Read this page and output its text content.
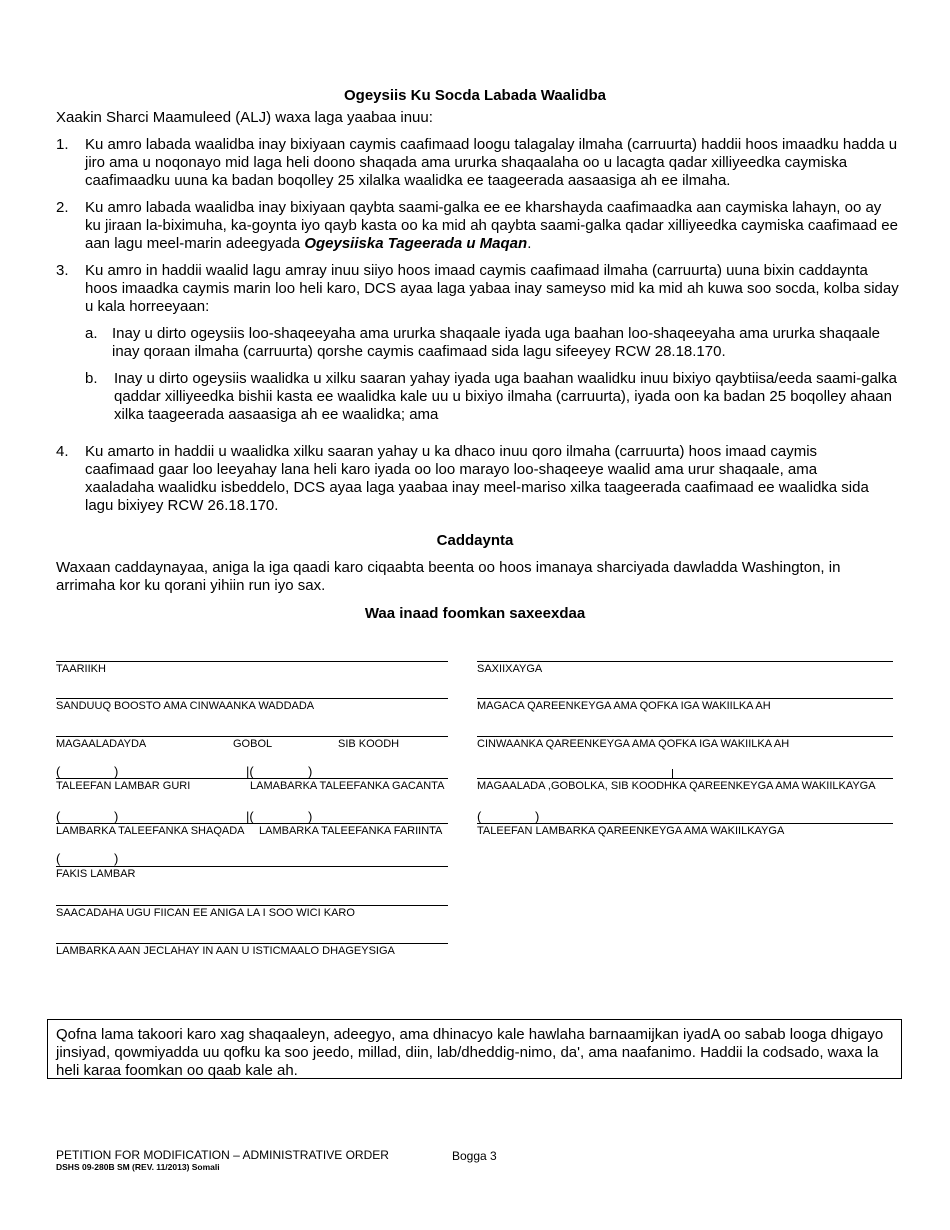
Ogeysiis Ku Socda Labada Waalidba
Xaakin Sharci Maamuleed (ALJ) waxa laga yaabaa inuu:
1. Ku amro labada waalidba inay bixiyaan caymis caafimaad loogu talagalay ilmaha (carruurta) haddii hoos imaadku hadda u jiro ama u noqonayo mid laga heli doono shaqada ama ururka shaqaalaha oo u lacagta qadar xilliyeedka caymiska caafimaadku uuna ka badan boqolley 25 xilalka waalidka ee taageerada aasaasiga ah ee ilmaha.
2. Ku amro labada waalidba inay bixiyaan qaybta saami-galka ee ee kharshayda caafimaadka aan caymiska lahayn, oo ay ku jiraan la-biximuha, ka-goynta iyo qayb kasta oo ka mid ah qaybta saami-galka qadar xilliyeedka caymiska caafimaad ee aan lagu meel-marin adeegyada Ogeysiiska Tageerada u Maqan.
3. Ku amro in haddii waalid lagu amray inuu siiyo hoos imaad caymis caafimaad ilmaha (carruurta) uuna bixin caddaynta hoos imaadka caymis marin loo heli karo, DCS ayaa laga yabaa inay sameyso mid ka mid ah kuwa soo socda, kolba siday u kala horreeyaan:
a. Inay u dirto ogeysiis loo-shaqeeyaha ama ururka shaqaale iyada uga baahan loo-shaqeeyaha ama ururka shaqaale inay qoraan ilmaha (carruurta) qorshe caymis caafimaad sida lagu sifeeyey RCW 28.18.170.
b. Inay u dirto ogeysiis waalidka u xilku saaran yahay iyada uga baahan waalidku inuu bixiyo qaybtiisa/eeda saami-galka qaddar xilliyeedka bishii kasta ee waalidka kale uu u bixiyo ilmaha (carruurta), iyada oon ka badan 25 boqolley ahaan xilka taageerada aasaasiga ah ee waalidka; ama
4. Ku amarto in haddii u waalidka xilku saaran yahay u ka dhaco inuu qoro ilmaha (carruurta) hoos imaad caymis caafimaad gaar loo leeyahay lana heli karo iyada oo loo marayo loo-shaqeeye waalid ama urur shaqaale, ama xaaladaha waalidku isbeddelo, DCS ayaa laga yaabaa inay meel-mariso xilka taageerada caafimaad ee waalidka sida lagu bixiyey RCW 26.18.170.
Caddaynta
Waxaan caddaynayaa, aniga la iga qaadi karo ciqaabta beenta oo hoos imanaya sharciyada dawladda Washington, in arrimaha kor ku qorani yihiin run iyo sax.
Waa inaad foomkan saxeexdaa
TAARIIKH
SANDUUQ BOOSTO AMA CINWAANKA WADDADA
MAGAALADAYDA	GOBOL	SIB KOODH
(	)	|(	)
TALEEFAN LAMBAR GURI	LAMABARKA TALEEFANKA GACANTA
(	)	|(	)
LAMBARKA TALEEFANKA SHAQADA LAMBARKA TALEEFANKA FARIINTA
(	)
FAKIS LAMBAR
SAACADAHA UGU FIICAN EE ANIGA LA I SOO WICI KARO
LAMBARKA AAN JECLAHAY IN AAN U ISTICMAALO DHAGEYSIGA
SAXIIXAYGA
MAGACA QAREENKEYGA AMA QOFKA IGA WAKIILKA AH
CINWAANKA QAREENKEYGA AMA QOFKA IGA WAKIILKA AH
MAGAALADA ,GOBOLKA, SIB KOODHKA QAREENKEYGA AMA WAKIILKAYGA
(	)
TALEEFAN LAMBARKA QAREENKEYGA AMA WAKIILKAYGA
Qofna lama takoori karo xag shaqaaleyn, adeegyo, ama dhinacyo kale hawlaha barnaamijkan iyadA oo sabab looga dhigayo jinsiyad, qowmiyadda uu qofku ka soo jeedo, millad, diin, lab/dheddig-nimo, da', ama naafanimo. Haddii la codsado, waxa la heli karaa foomkan oo qaab kale ah.
PETITION FOR MODIFICATION – ADMINISTRATIVE ORDER	Bogga 3
DSHS 09-280B SM (REV. 11/2013) Somali
